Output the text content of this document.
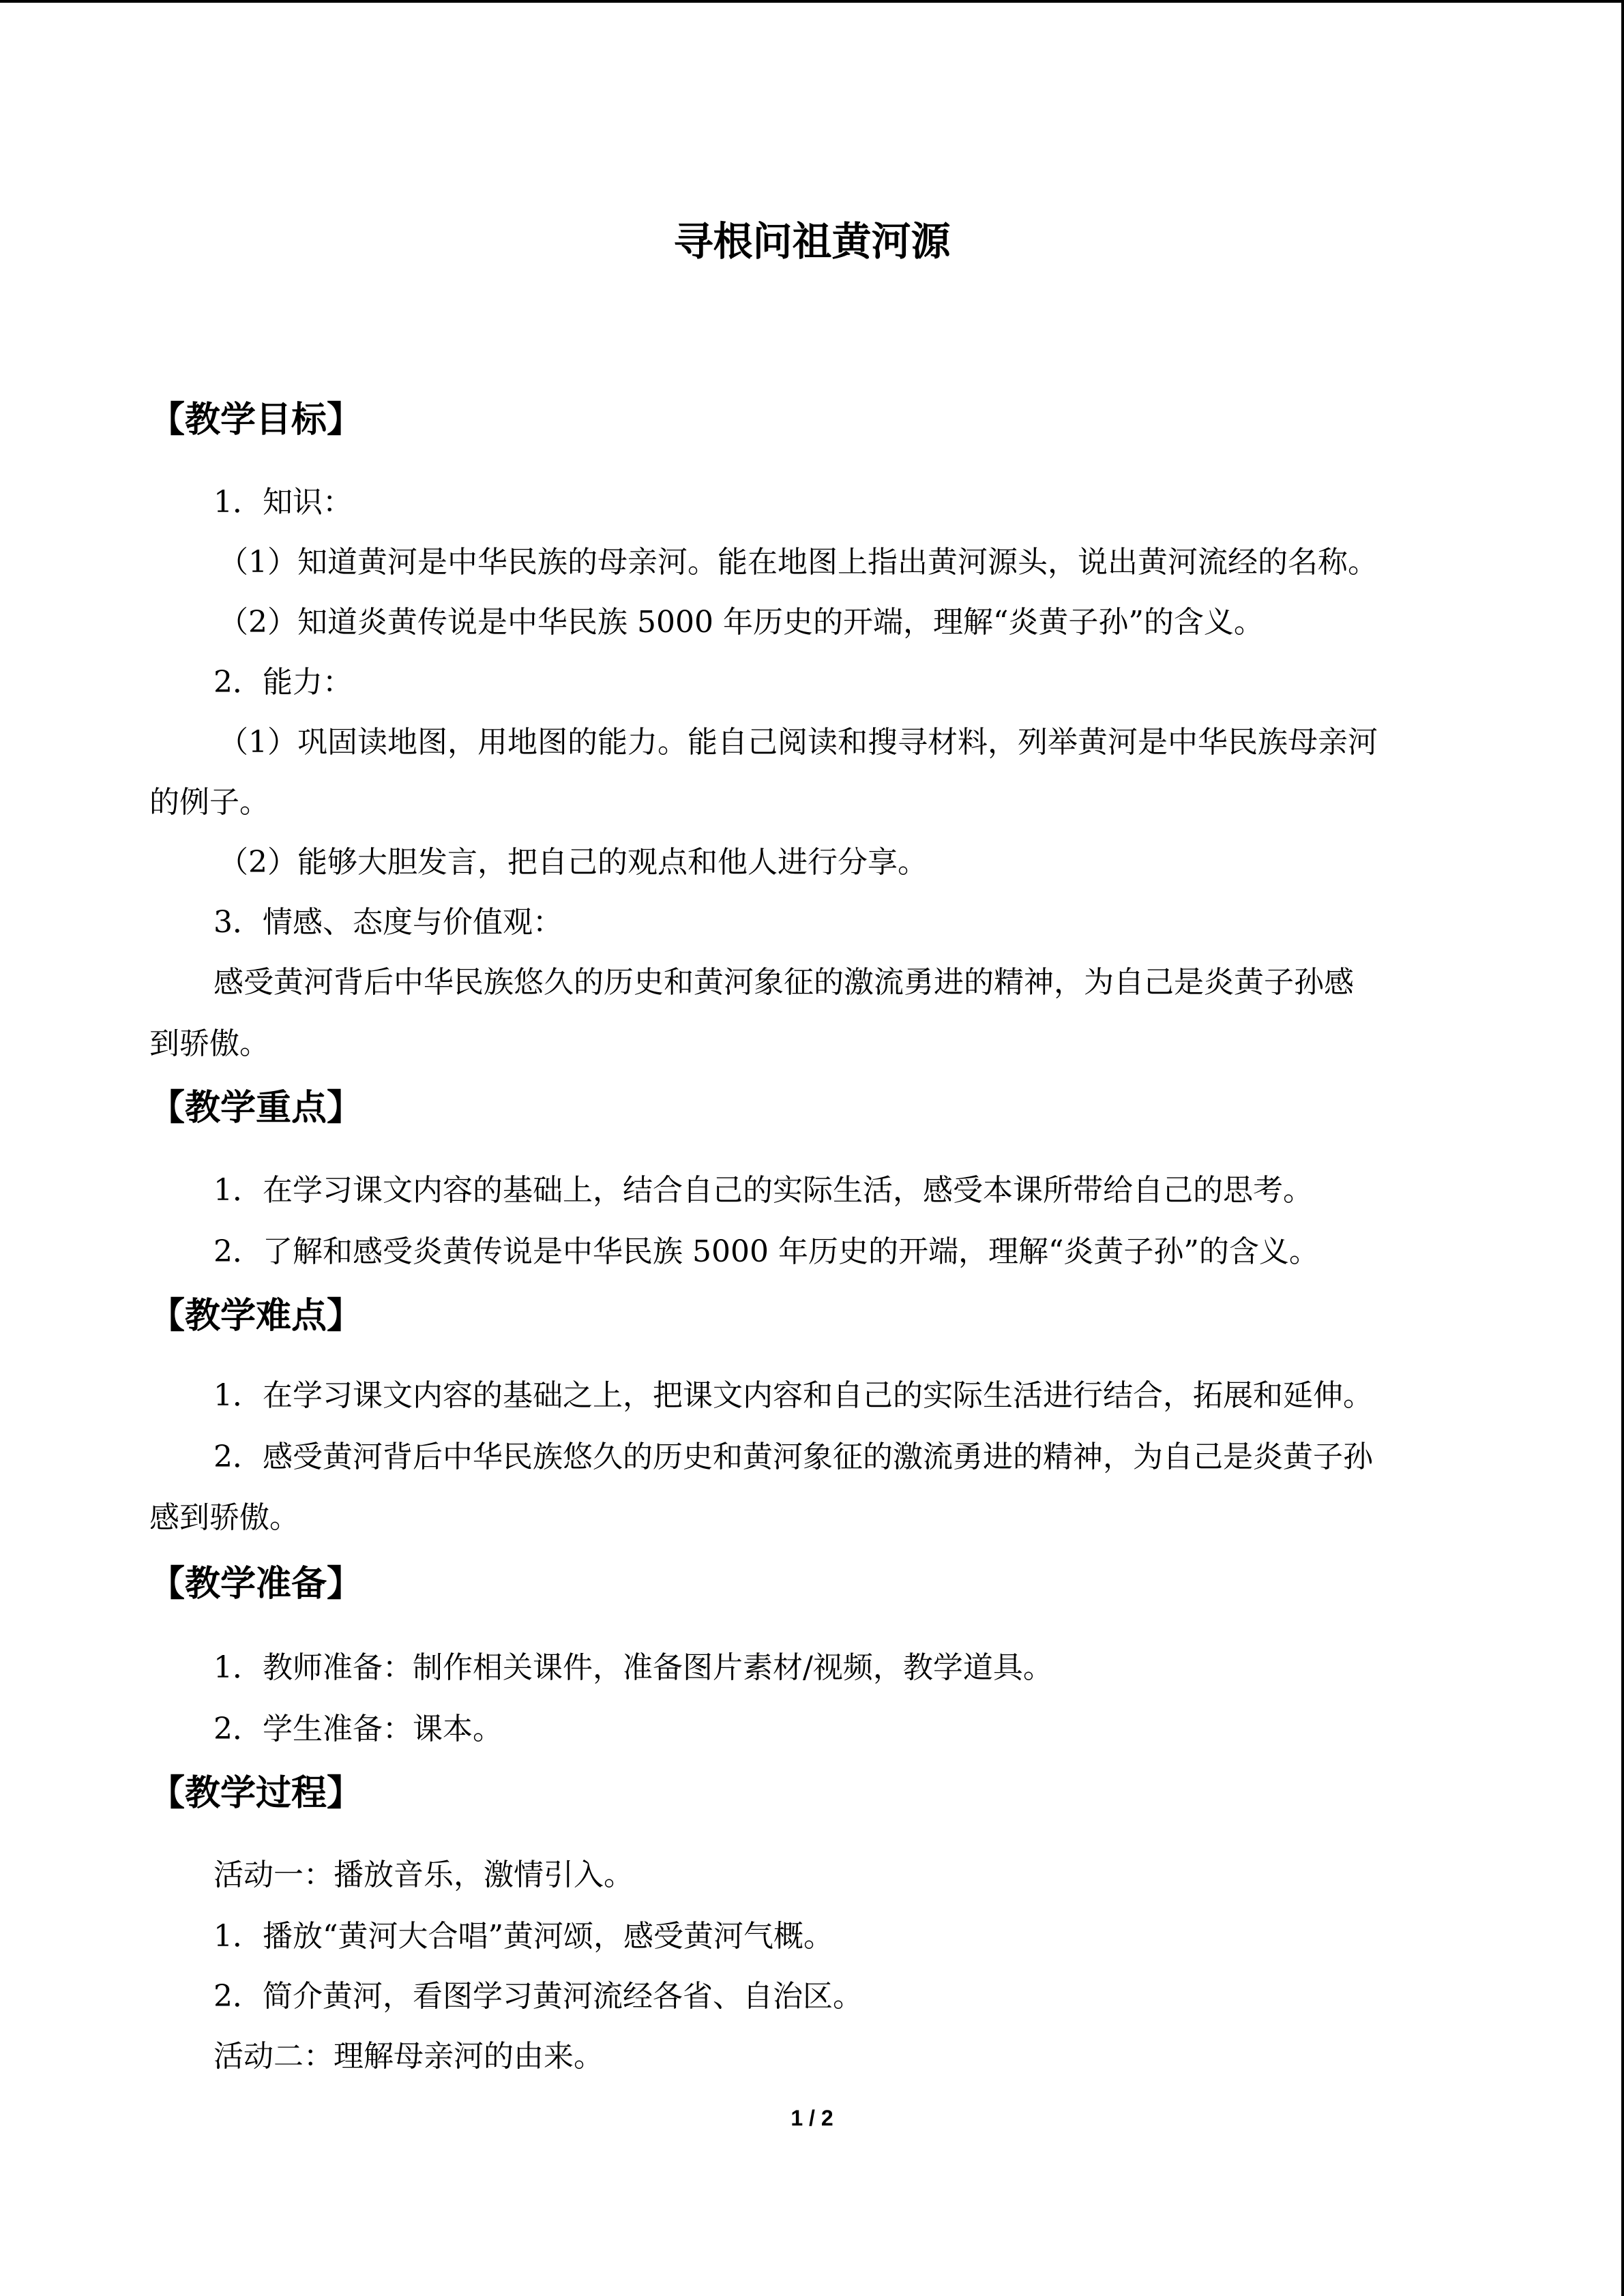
寻根问祖黄河源
【教学目标】
1．知识：
（1）知道黄河是中华民族的母亲河。能在地图上指出黄河源头，说出黄河流经的名称。
（2）知道炎黄传说是中华民族 5000 年历史的开端，理解“炎黄子孙”的含义。
2．能力：
（1）巩固读地图，用地图的能力。能自己阅读和搜寻材料，列举黄河是中华民族母亲河
的例子。
（2）能够大胆发言，把自己的观点和他人进行分享。
3．情感、态度与价值观：
感受黄河背后中华民族悠久的历史和黄河象征的激流勇进的精神，为自己是炎黄子孙感
到骄傲。
【教学重点】
1．在学习课文内容的基础上，结合自己的实际生活，感受本课所带给自己的思考。
2．了解和感受炎黄传说是中华民族 5000 年历史的开端，理解“炎黄子孙”的含义。
【教学难点】
1．在学习课文内容的基础之上，把课文内容和自己的实际生活进行结合，拓展和延伸。
2．感受黄河背后中华民族悠久的历史和黄河象征的激流勇进的精神，为自己是炎黄子孙
感到骄傲。
【教学准备】
1．教师准备：制作相关课件，准备图片素材/视频，教学道具。
2．学生准备：课本。
【教学过程】
活动一：播放音乐，激情引入。
1．播放“黄河大合唱”黄河颂，感受黄河气概。
2．简介黄河，看图学习黄河流经各省、自治区。
活动二：理解母亲河的由来。
1 / 2
